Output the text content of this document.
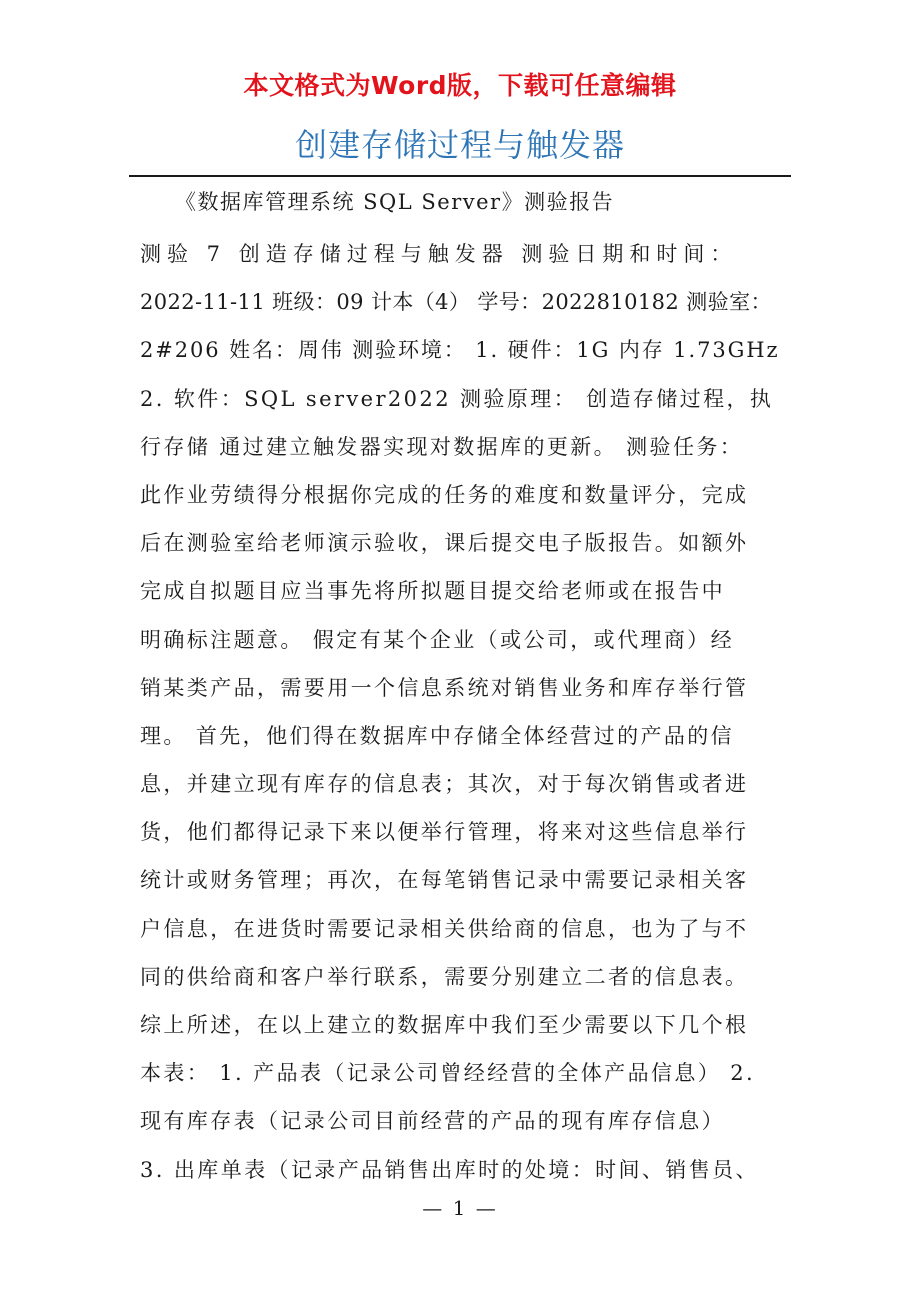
本文格式为Word版，下载可任意编辑
创建存储过程与触发器
《数据库管理系统 SQL Server》测验报告
测验 7 创造存储过程与触发器 测验日期和时间：
2022-11-11 班级：09 计本（4） 学号：2022810182 测验室：
2#206 姓名：周伟 测验环境： 1. 硬件：1G 内存 1.73GHz
2. 软件：SQL server2022 测验原理： 创造存储过程，执
行存储 通过建立触发器实现对数据库的更新。 测验任务：
此作业劳绩得分根据你完成的任务的难度和数量评分，完成
后在测验室给老师演示验收，课后提交电子版报告。如额外
完成自拟题目应当事先将所拟题目提交给老师或在报告中
明确标注题意。 假定有某个企业（或公司，或代理商）经
销某类产品，需要用一个信息系统对销售业务和库存举行管
理。 首先，他们得在数据库中存储全体经营过的产品的信
息，并建立现有库存的信息表；其次，对于每次销售或者进
货，他们都得记录下来以便举行管理，将来对这些信息举行
统计或财务管理；再次，在每笔销售记录中需要记录相关客
户信息，在进货时需要记录相关供给商的信息，也为了与不
同的供给商和客户举行联系，需要分别建立二者的信息表。
综上所述，在以上建立的数据库中我们至少需要以下几个根
本表： 1. 产品表（记录公司曾经经营的全体产品信息） 2.
现有库存表（记录公司目前经营的产品的现有库存信息）
3. 出库单表（记录产品销售出库时的处境：时间、销售员、
— 1 —
